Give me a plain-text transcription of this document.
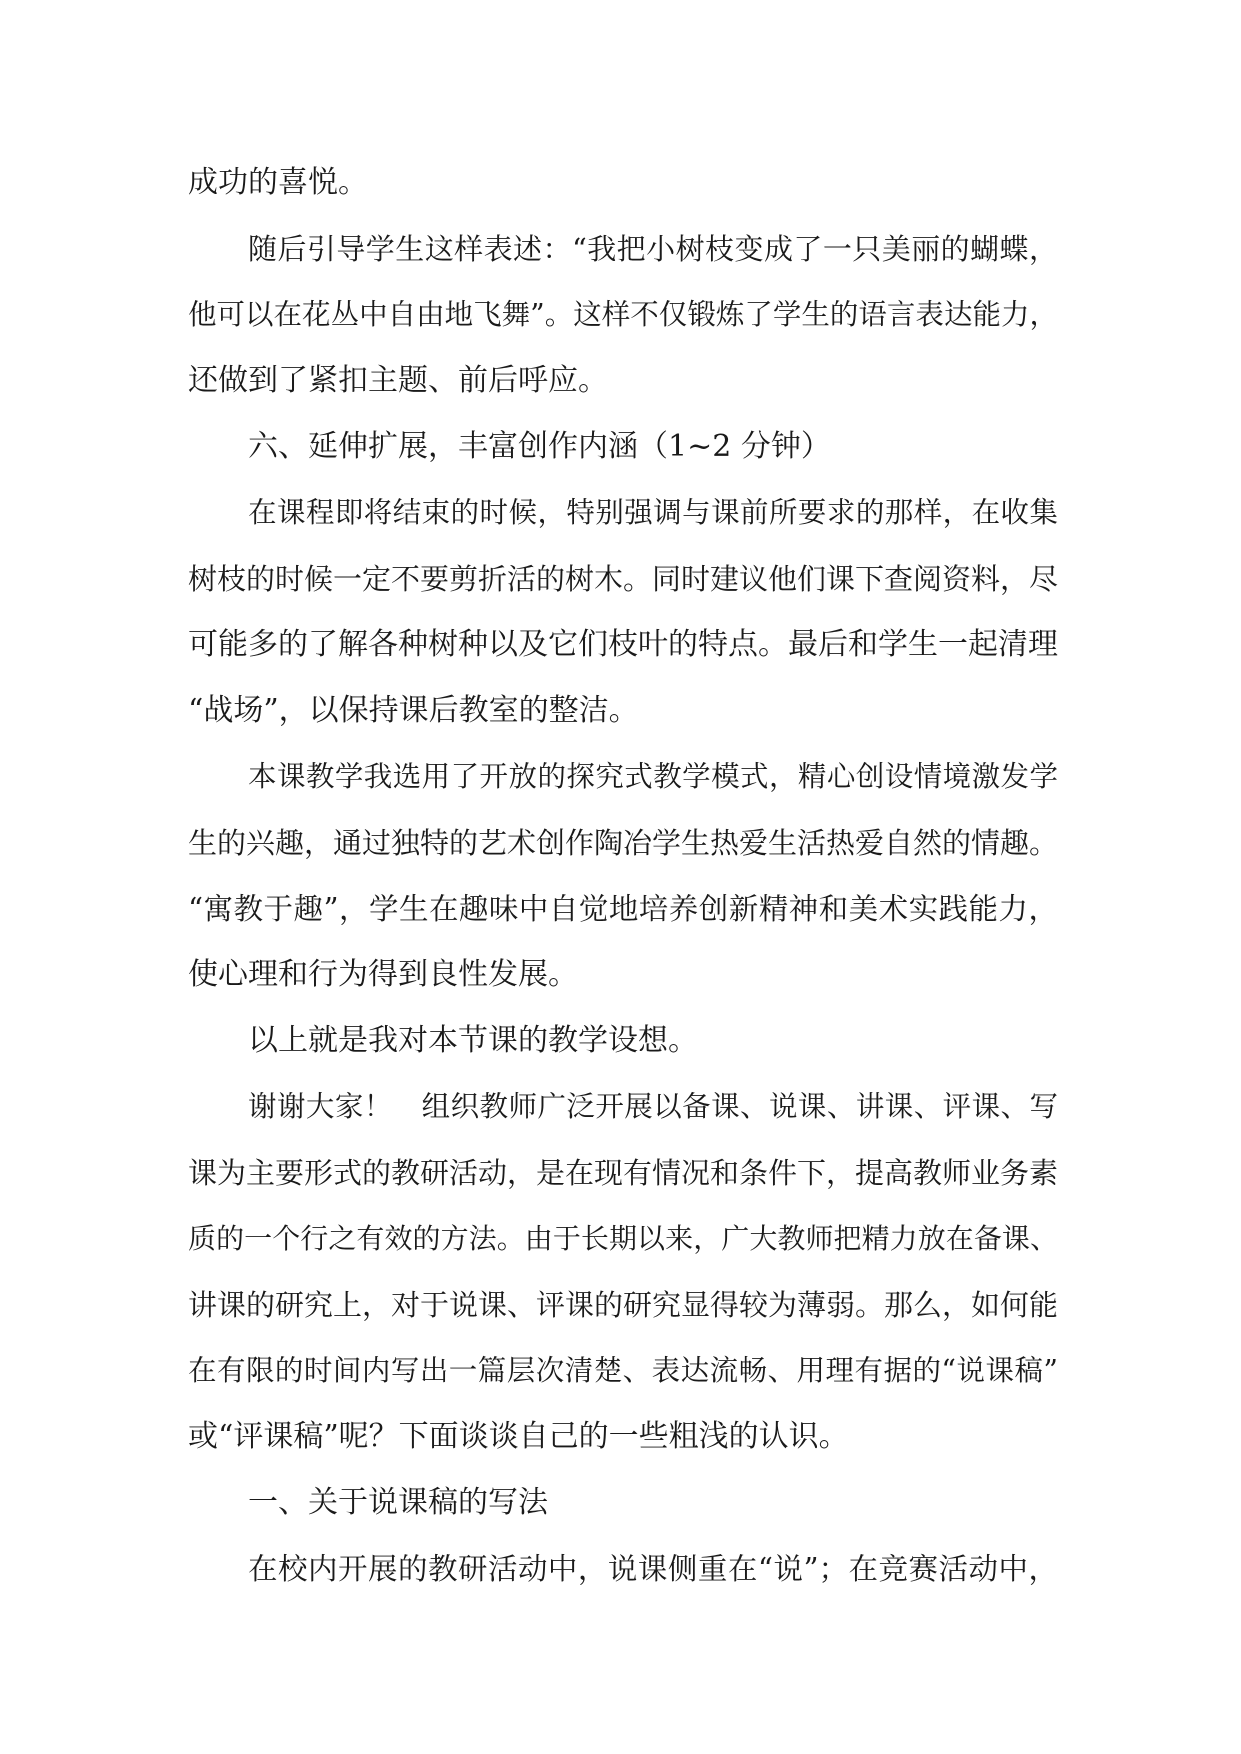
成功的喜悦。
随后引导学生这样表述：“我把小树枝变成了一只美丽的蝴蝶，
他可以在花丛中自由地飞舞”。这样不仅锻炼了学生的语言表达能力，
还做到了紧扣主题、前后呼应。
六、延伸扩展，丰富创作内涵（1~2 分钟）
在课程即将结束的时候，特别强调与课前所要求的那样，在收集
树枝的时候一定不要剪折活的树木。同时建议他们课下查阅资料，尽
可能多的了解各种树种以及它们枝叶的特点。最后和学生一起清理
“战场”，以保持课后教室的整洁。
本课教学我选用了开放的探究式教学模式，精心创设情境激发学
生的兴趣，通过独特的艺术创作陶冶学生热爱生活热爱自然的情趣。
“寓教于趣”，学生在趣味中自觉地培养创新精神和美术实践能力，
使心理和行为得到良性发展。
以上就是我对本节课的教学设想。
谢谢大家！　组织教师广泛开展以备课、说课、讲课、评课、写
课为主要形式的教研活动，是在现有情况和条件下，提高教师业务素
质的一个行之有效的方法。由于长期以来，广大教师把精力放在备课、
讲课的研究上，对于说课、评课的研究显得较为薄弱。那么，如何能
在有限的时间内写出一篇层次清楚、表达流畅、用理有据的“说课稿”
或“评课稿”呢？下面谈谈自己的一些粗浅的认识。
一、关于说课稿的写法
在校内开展的教研活动中，说课侧重在“说”；在竞赛活动中，
